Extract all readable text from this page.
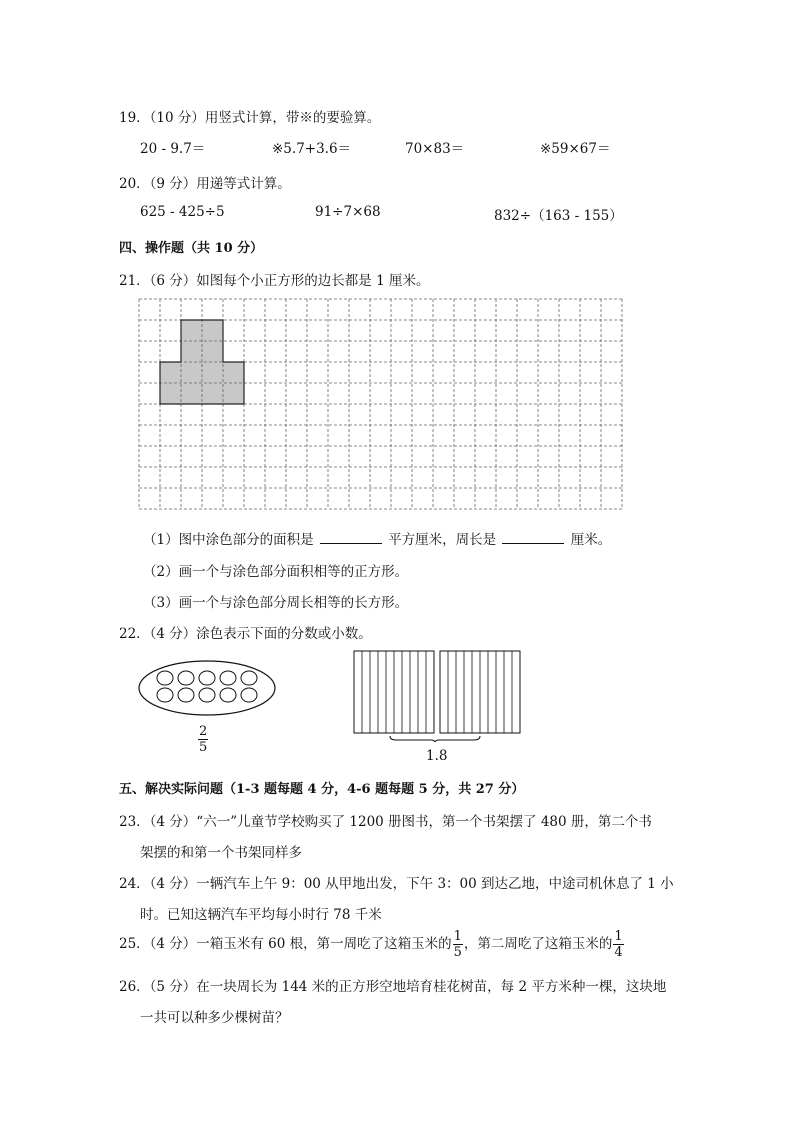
19．（10 分）用竖式计算，带※的要验算。
20 - 9.7＝	※5.7+3.6＝	70×83＝	※59×67＝
20．（9 分）用递等式计算。
625 - 425÷5	91÷7×68	832÷（163 - 155）
四、操作题（共 10 分）
21．（6 分）如图每个小正方形的边长都是 1 厘米。
（1）图中涂色部分的面积是	平方厘米，周长是	厘米。
（2）画一个与涂色部分面积相等的正方形。
（3）画一个与涂色部分周长相等的长方形。
22．（4 分）涂色表示下面的分数或小数。
$\frac{2}{5}$
1.8
五、解决实际问题（1-3 题每题 4 分，4-6 题每题 5 分，共 27 分）
23．（4 分）“六一”儿童节学校购买了 1200 册图书，第一个书架摆了 480 册，第二个书
架摆的和第一个书架同样多
24．（4 分）一辆汽车上午 9：00 从甲地出发，下午 3：00 到达乙地，中途司机休息了 1 小
时。已知这辆汽车平均每小时行 78 千米
25．（4 分）一箱玉米有 60 根，第一周吃了这箱玉米的 $\frac{1}{5}$ ，第二周吃了这箱玉米的 $\frac{1}{4}$
26．（5 分）在一块周长为 144 米的正方形空地培育桂花树苗，每 2 平方米种一棵，这块地
一共可以种多少棵树苗？
